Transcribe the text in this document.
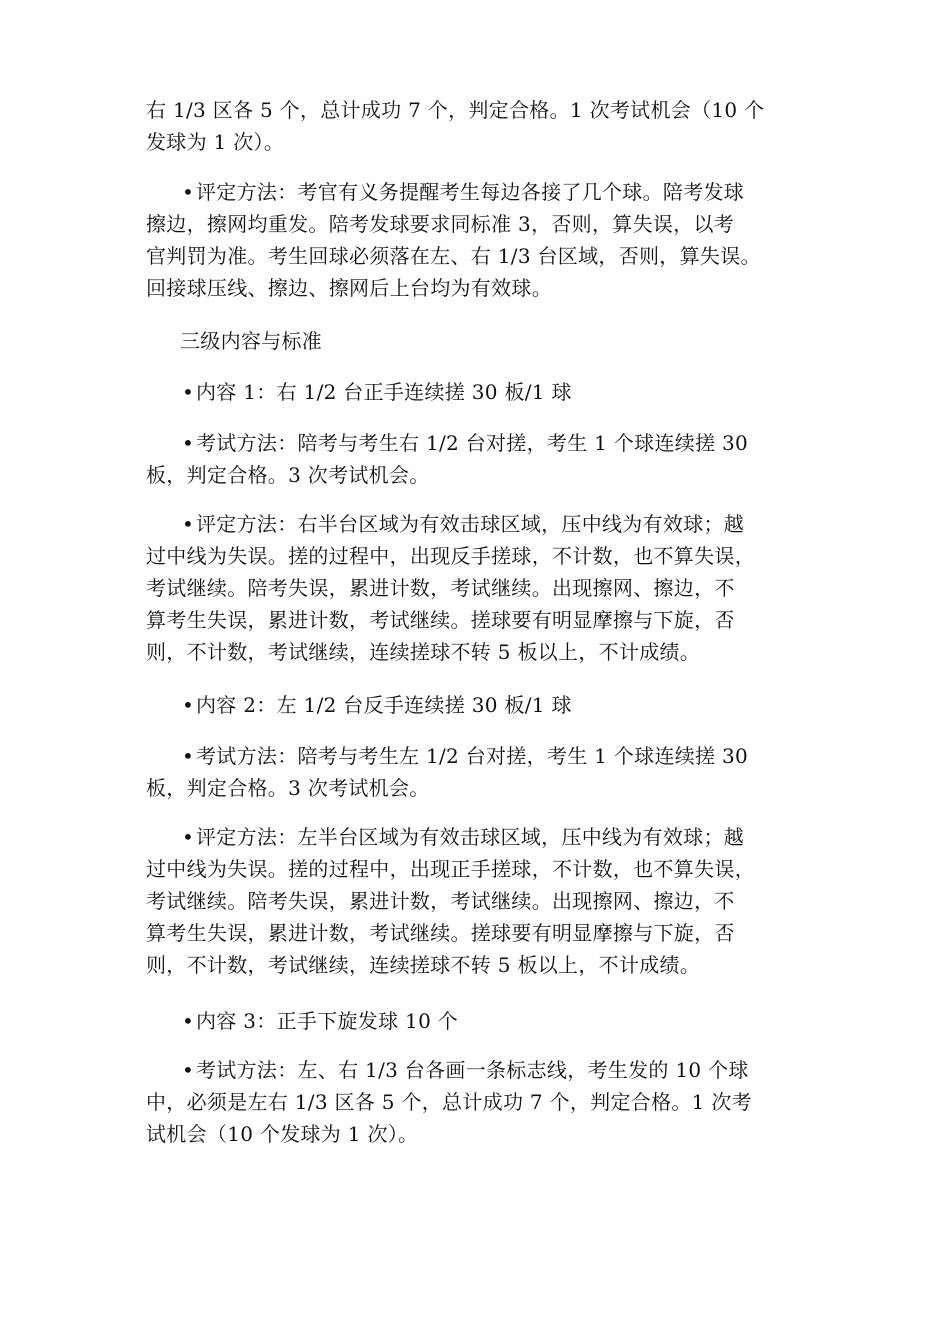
右 1/3 区各 5 个，总计成功 7 个，判定合格。1 次考试机会（10 个
发球为 1 次）。
•评定方法：考官有义务提醒考生每边各接了几个球。陪考发球
擦边，擦网均重发。陪考发球要求同标准 3，否则，算失误，以考
官判罚为准。考生回球必须落在左、右 1/3 台区域，否则，算失误。
回接球压线、擦边、擦网后上台均为有效球。
三级内容与标准
•内容 1：右 1/2 台正手连续搓 30 板/1 球
•考试方法：陪考与考生右 1/2 台对搓，考生 1 个球连续搓 30
板，判定合格。3 次考试机会。
•评定方法：右半台区域为有效击球区域，压中线为有效球；越
过中线为失误。搓的过程中，出现反手搓球，不计数，也不算失误，
考试继续。陪考失误，累进计数，考试继续。出现擦网、擦边，不
算考生失误，累进计数，考试继续。搓球要有明显摩擦与下旋，否
则，不计数，考试继续，连续搓球不转 5 板以上，不计成绩。
•内容 2：左 1/2 台反手连续搓 30 板/1 球
•考试方法：陪考与考生左 1/2 台对搓，考生 1 个球连续搓 30
板，判定合格。3 次考试机会。
•评定方法：左半台区域为有效击球区域，压中线为有效球；越
过中线为失误。搓的过程中，出现正手搓球，不计数，也不算失误，
考试继续。陪考失误，累进计数，考试继续。出现擦网、擦边，不
算考生失误，累进计数，考试继续。搓球要有明显摩擦与下旋，否
则，不计数，考试继续，连续搓球不转 5 板以上，不计成绩。
•内容 3：正手下旋发球 10 个
•考试方法：左、右 1/3 台各画一条标志线，考生发的 10 个球
中，必须是左右 1/3 区各 5 个，总计成功 7 个，判定合格。1 次考
试机会（10 个发球为 1 次）。
